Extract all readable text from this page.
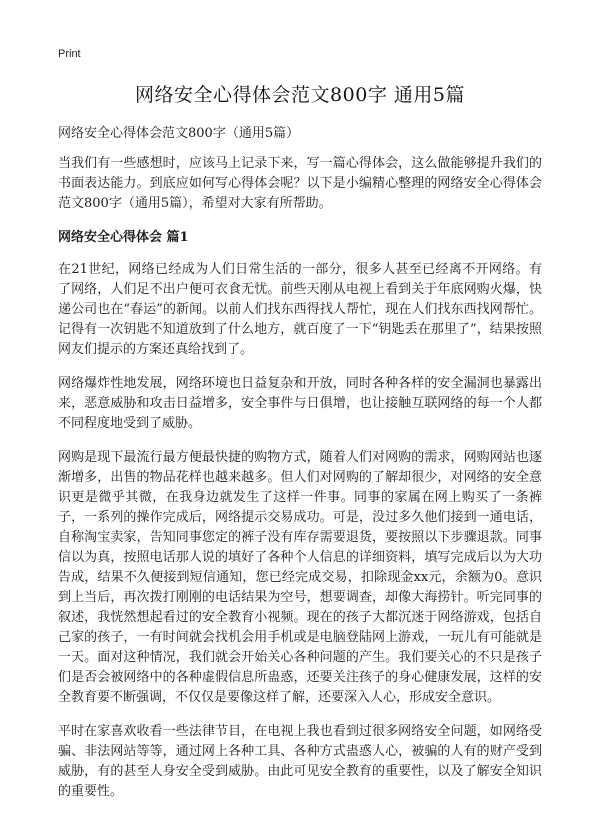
Print
网络安全心得体会范文800字 通用5篇

网络安全心得体会范文800字（通用5篇）

当我们有一些感想时，应该马上记录下来，写一篇心得体会，这么做能够提升我们的书面表达能力。到底应如何写心得体会呢？以下是小编精心整理的网络安全心得体会范文800字（通用5篇），希望对大家有所帮助。

网络安全心得体会 篇1

在21世纪，网络已经成为人们日常生活的一部分，很多人甚至已经离不开网络。有了网络，人们足不出户便可衣食无忧。前些天刚从电视上看到关于年底网购火爆，快递公司也在“春运”的新闻。以前人们找东西得找人帮忙，现在人们找东西找网帮忙。记得有一次钥匙不知道放到了什么地方，就百度了一下“钥匙丢在那里了”，结果按照网友们提示的方案还真给找到了。

网络爆炸性地发展，网络环境也日益复杂和开放，同时各种各样的安全漏洞也暴露出来，恶意威胁和攻击日益增多，安全事件与日俱增，也让接触互联网络的每一个人都不同程度地受到了威胁。

网购是现下最流行最方便最快捷的购物方式，随着人们对网购的需求，网购网站也逐渐增多，出售的物品花样也越来越多。但人们对网购的了解却很少，对网络的安全意识更是微乎其微，在我身边就发生了这样一件事。同事的家属在网上购买了一条裤子，一系列的操作完成后，网络提示交易成功。可是，没过多久他们接到一通电话，自称淘宝卖家，告知同事您定的裤子没有库存需要退货，要按照以下步骤退款。同事信以为真，按照电话那人说的填好了各种个人信息的详细资料，填写完成后以为大功告成，结果不久便接到短信通知，您已经完成交易，扣除现金xx元，余额为0。意识到上当后，再次拨打刚刚的电话结果为空号，想要调查，却像大海捞针。听完同事的叙述，我恍然想起看过的安全教育小视频。现在的孩子大都沉迷于网络游戏，包括自己家的孩子，一有时间就会找机会用手机或是电脑登陆网上游戏，一玩儿有可能就是一天。面对这种情况，我们就会开始关心各种问题的产生。我们要关心的不只是孩子们是否会被网络中的各种虚假信息所蛊惑，还要关注孩子的身心健康发展，这样的安全教育要不断强调，不仅仅是要像这样了解，还要深入人心，形成安全意识。

平时在家喜欢收看一些法律节目，在电视上我也看到过很多网络安全问题，如网络受骗、非法网站等等，通过网上各种工具、各种方式蛊惑人心，被骗的人有的财产受到威胁，有的甚至人身安全受到威胁。由此可见安全教育的重要性，以及了解安全知识的重要性。
